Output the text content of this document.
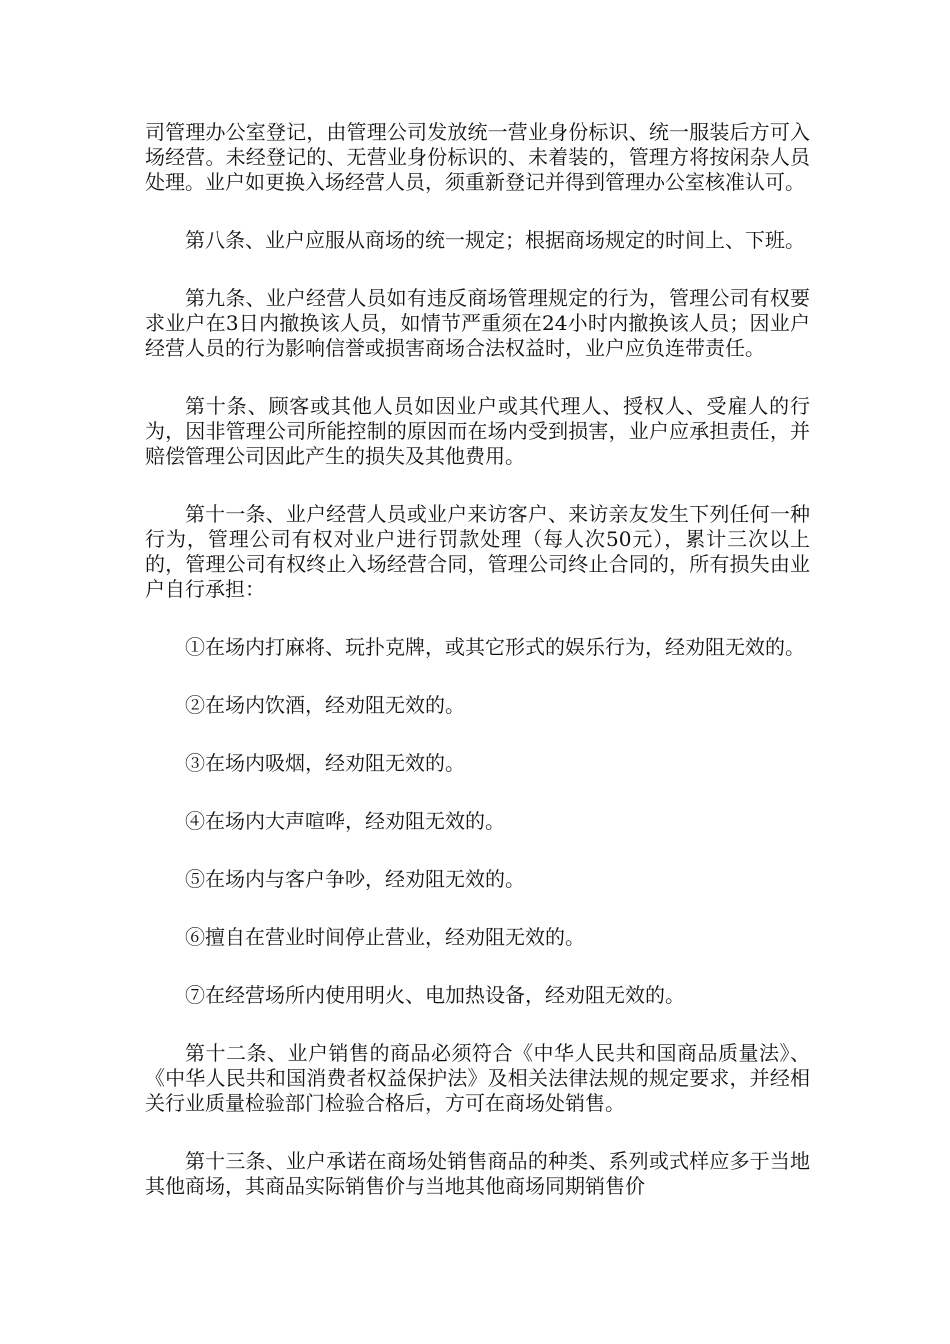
司管理办公室登记，由管理公司发放统一营业身份标识、统一服装后方可入场经营。未经登记的、无营业身份标识的、未着装的，管理方将按闲杂人员处理。业户如更换入场经营人员，须重新登记并得到管理办公室核准认可。

第八条、业户应服从商场的统一规定；根据商场规定的时间上、下班。

第九条、业户经营人员如有违反商场管理规定的行为，管理公司有权要求业户在3日内撤换该人员，如情节严重须在24小时内撤换该人员；因业户经营人员的行为影响信誉或损害商场合法权益时，业户应负连带责任。

第十条、顾客或其他人员如因业户或其代理人、授权人、受雇人的行为，因非管理公司所能控制的原因而在场内受到损害，业户应承担责任，并赔偿管理公司因此产生的损失及其他费用。

第十一条、业户经营人员或业户来访客户、来访亲友发生下列任何一种行为，管理公司有权对业户进行罚款处理（每人次50元），累计三次以上的，管理公司有权终止入场经营合同，管理公司终止合同的，所有损失由业户自行承担：

①在场内打麻将、玩扑克牌，或其它形式的娱乐行为，经劝阻无效的。

②在场内饮酒，经劝阻无效的。

③在场内吸烟，经劝阻无效的。

④在场内大声喧哗，经劝阻无效的。

⑤在场内与客户争吵，经劝阻无效的。

⑥擅自在营业时间停止营业，经劝阻无效的。

⑦在经营场所内使用明火、电加热设备，经劝阻无效的。

第十二条、业户销售的商品必须符合《中华人民共和国商品质量法》、《中华人民共和国消费者权益保护法》及相关法律法规的规定要求，并经相关行业质量检验部门检验合格后，方可在商场处销售。

第十三条、业户承诺在商场处销售商品的种类、系列或式样应多于当地其他商场，其商品实际销售价与当地其他商场同期销售价
